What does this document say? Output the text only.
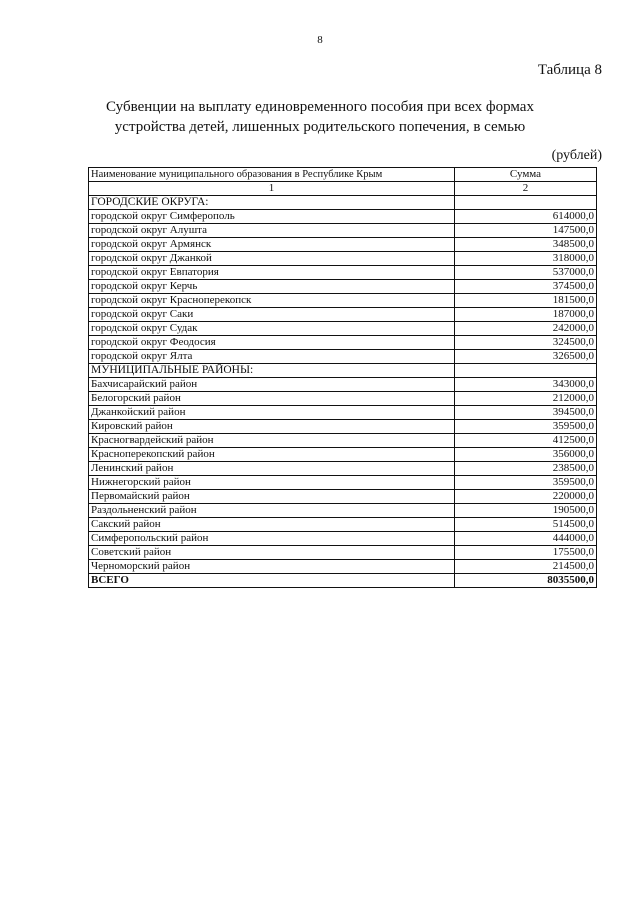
8
Таблица 8
Субвенции на выплату единовременного пособия при всех формах
устройства детей, лишенных родительского попечения, в семью
(рублей)
Наименование муниципального образования в Республике Крым	Сумма
1	2
ГОРОДСКИЕ ОКРУГА:	
городской округ Симферополь	614000,0
городской округ Алушта	147500,0
городской округ Армянск	348500,0
городской округ Джанкой	318000,0
городской округ Евпатория	537000,0
городской округ Керчь	374500,0
городской округ Красноперекопск	181500,0
городской округ Саки	187000,0
городской округ Судак	242000,0
городской округ Феодосия	324500,0
городской округ Ялта	326500,0
МУНИЦИПАЛЬНЫЕ РАЙОНЫ:	
Бахчисарайский район	343000,0
Белогорский район	212000,0
Джанкойский район	394500,0
Кировский район	359500,0
Красногвардейский район	412500,0
Красноперекопский район	356000,0
Ленинский район	238500,0
Нижнегорский район	359500,0
Первомайский район	220000,0
Раздольненский район	190500,0
Сакский район	514500,0
Симферопольский район	444000,0
Советский район	175500,0
Черноморский район	214500,0
ВСЕГО	8035500,0
